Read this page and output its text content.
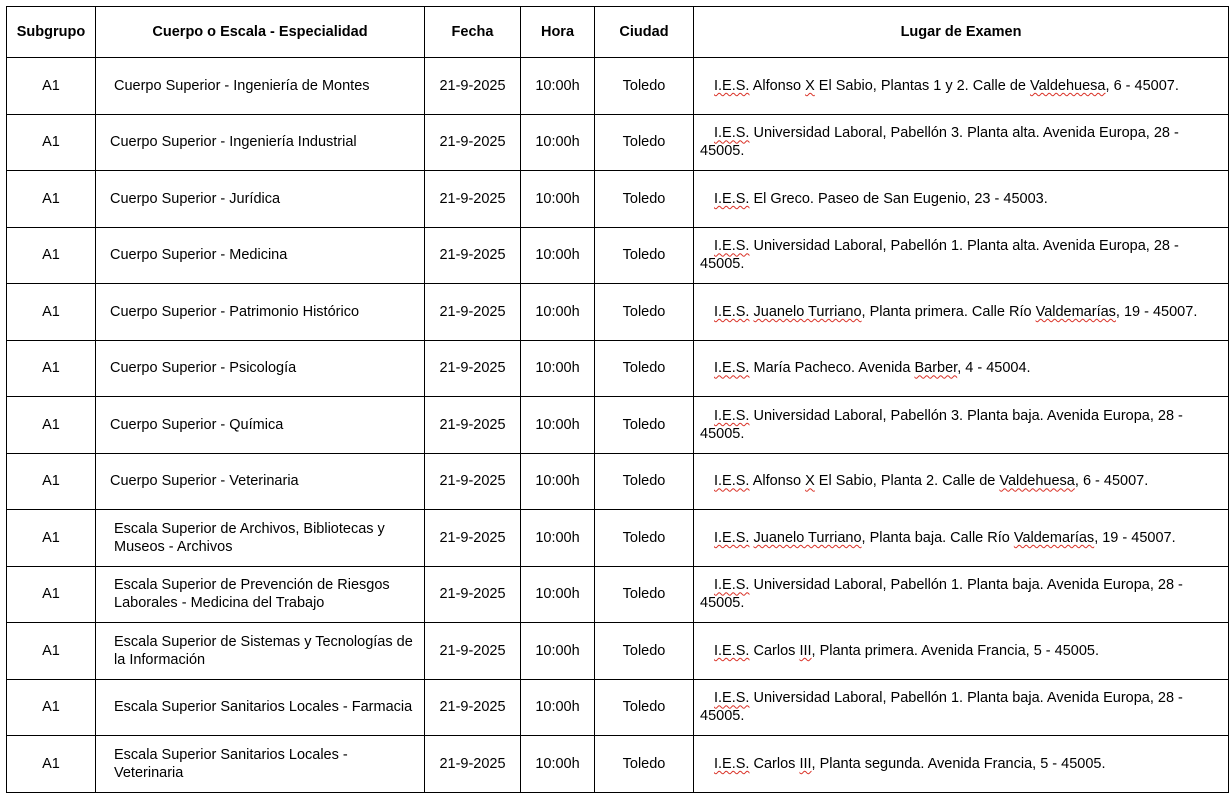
Subgrupo	Cuerpo o Escala - Especialidad	Fecha	Hora	Ciudad	Lugar de Examen
A1	Cuerpo Superior - Ingeniería de Montes	21-9-2025	10:00h	Toledo	I.E.S. Alfonso X El Sabio, Plantas 1 y 2. Calle de Valdehuesa, 6 - 45007.
A1	Cuerpo Superior - Ingeniería Industrial	21-9-2025	10:00h	Toledo	I.E.S. Universidad Laboral, Pabellón 3. Planta alta. Avenida Europa, 28 - 45005.
A1	Cuerpo Superior - Jurídica	21-9-2025	10:00h	Toledo	I.E.S. El Greco. Paseo de San Eugenio, 23 - 45003.
A1	Cuerpo Superior - Medicina	21-9-2025	10:00h	Toledo	I.E.S. Universidad Laboral, Pabellón 1. Planta alta. Avenida Europa, 28 - 45005.
A1	Cuerpo Superior - Patrimonio Histórico	21-9-2025	10:00h	Toledo	I.E.S. Juanelo Turriano, Planta primera. Calle Río Valdemarías, 19 - 45007.
A1	Cuerpo Superior - Psicología	21-9-2025	10:00h	Toledo	I.E.S. María Pacheco. Avenida Barber, 4 - 45004.
A1	Cuerpo Superior - Química	21-9-2025	10:00h	Toledo	I.E.S. Universidad Laboral, Pabellón 3. Planta baja. Avenida Europa, 28 - 45005.
A1	Cuerpo Superior - Veterinaria	21-9-2025	10:00h	Toledo	I.E.S. Alfonso X El Sabio, Planta 2. Calle de Valdehuesa, 6 - 45007.
A1	Escala Superior de Archivos, Bibliotecas y Museos - Archivos	21-9-2025	10:00h	Toledo	I.E.S. Juanelo Turriano, Planta baja. Calle Río Valdemarías, 19 - 45007.
A1	Escala Superior de Prevención de Riesgos Laborales - Medicina del Trabajo	21-9-2025	10:00h	Toledo	I.E.S. Universidad Laboral, Pabellón 1. Planta baja. Avenida Europa, 28 - 45005.
A1	Escala Superior de Sistemas y Tecnologías de la Información	21-9-2025	10:00h	Toledo	I.E.S. Carlos III, Planta primera. Avenida Francia, 5 - 45005.
A1	Escala Superior Sanitarios Locales - Farmacia	21-9-2025	10:00h	Toledo	I.E.S. Universidad Laboral, Pabellón 1. Planta baja. Avenida Europa, 28 - 45005.
A1	Escala Superior Sanitarios Locales - Veterinaria	21-9-2025	10:00h	Toledo	I.E.S. Carlos III, Planta segunda. Avenida Francia, 5 - 45005.
